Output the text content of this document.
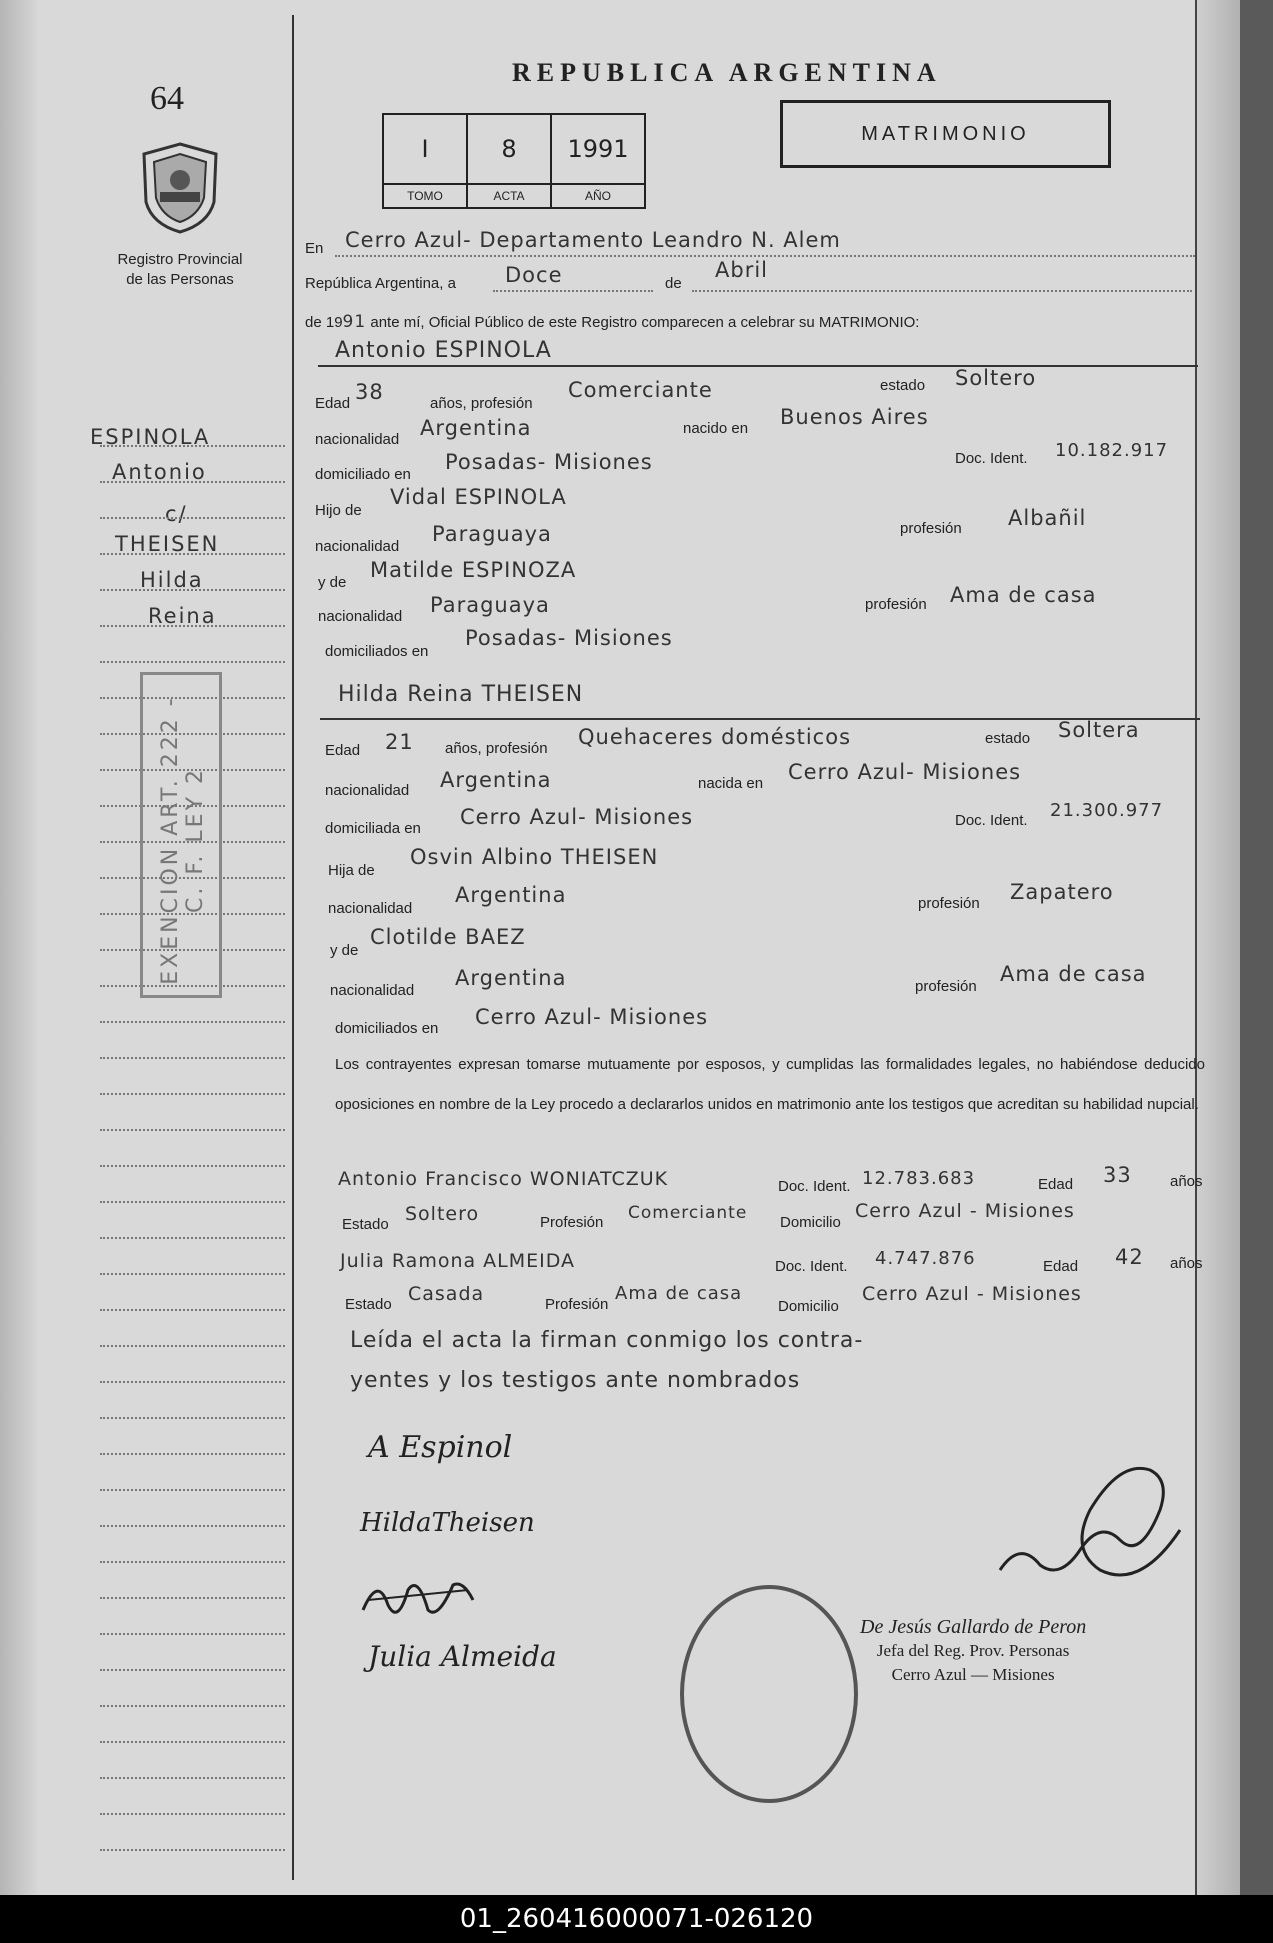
64
Registro Provincial
de las Personas
REPUBLICA ARGENTINA
MATRIMONIO
I
TOMO
8
ACTA
1991
AÑO
ESPINOLA
Antonio
c/
THEISEN
Hilda
Reina
EXENCION ART. 222 - C. F. LEY 2
En Cerro Azul- Departamento Leandro N. Alem
República Argentina, a Doce	de
Abril
de 1991 ante mí, Oficial Público de este Registro comparecen a celebrar su MATRIMONIO:
Antonio ESPINOLA
Edad 38	años, profesión
Comerciante	estado Soltero
nacionalidad Argentina	nacido en Buenos Aires
domiciliado en
Posadas- Misiones	Doc. Ident. 10.182.917
Hijo de
Vidal ESPINOLA
nacionalidad
Paraguaya	profesión Albañil
y de
Matilde ESPINOZA
nacionalidad Paraguaya	profesión Ama de casa
domiciliados en
Posadas- Misiones
Hilda Reina THEISEN
Edad 21 años, profesión Quehaceres domésticos	estado Soltera
nacionalidad Argentina	nacida en Cerro Azul- Misiones
domiciliada en Cerro Azul- Misiones	Doc. Ident. 21.300.977
Hija de
Osvin Albino THEISEN
nacionalidad
Argentina	profesión Zapatero
y de
Clotilde BAEZ
nacionalidad
Argentina	profesión
Ama de casa
domiciliados en Cerro Azul- Misiones
Los contrayentes expresan tomarse mutuamente por esposos, y cumplidas las formalidades legales, no habiéndose deducido oposiciones en nombre de la Ley procedo a declararlos unidos en matrimonio ante los testigos que acreditan su habilidad nupcial.
Antonio Francisco WONIATCZUK	Doc. Ident. 12.783.683	Edad 33	años
Estado Soltero	Profesión Comerciante Domicilio
Cerro Azul - Misiones
Julia Ramona ALMEIDA	Doc. Ident. 4.747.876	Edad 42 años
Estado Casada	Profesión
Ama de casa
Domicilio
Cerro Azul - Misiones
Leída el acta la firman conmigo los contra-
yentes y los testigos ante nombrados
A Espinol
HildaTheisen
Julia Almeida
De Jesús Gallardo de Peron
Jefa del Reg. Prov. Personas
Cerro Azul — Misiones
01_260416000071-026120
